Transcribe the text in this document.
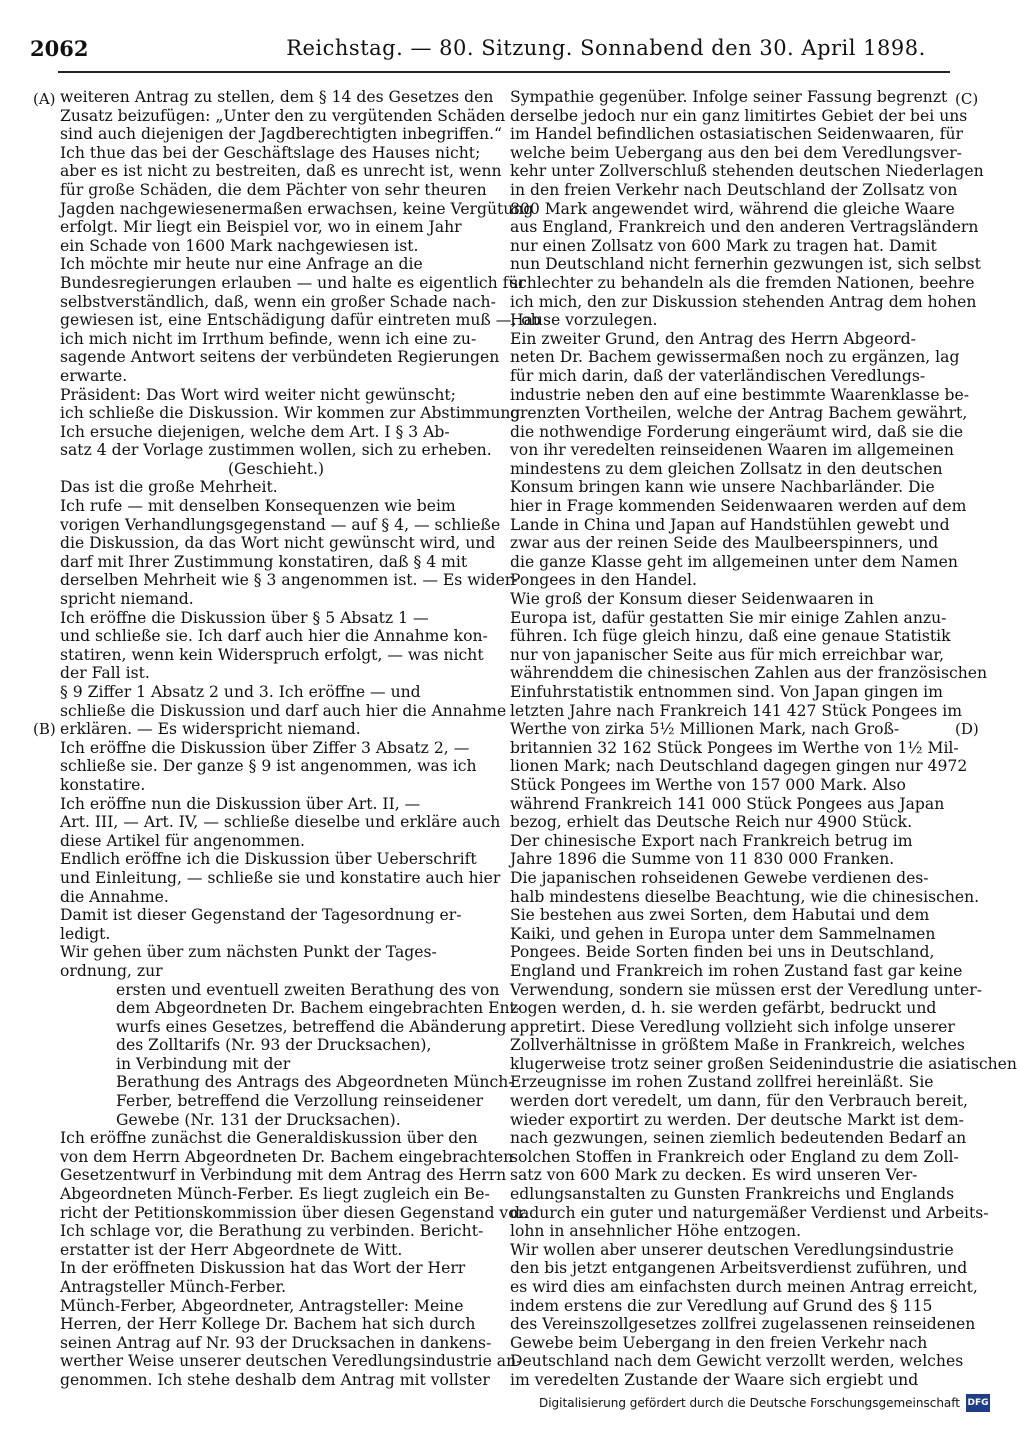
2062	Reichstag. — 80. Sitzung. Sonnabend den 30. April 1898.
(A)	(C)
(B)	(D)
weiteren Antrag zu stellen, dem § 14 des Gesetzes den
Zusatz beizufügen: „Unter den zu vergütenden Schäden
sind auch diejenigen der Jagdberechtigten inbegriffen.“
Ich thue das bei der Geschäftslage des Hauses nicht;
aber es ist nicht zu bestreiten, daß es unrecht ist, wenn
für große Schäden, die dem Pächter von sehr theuren
Jagden nachgewiesenermaßen erwachsen, keine Vergütung
erfolgt. Mir liegt ein Beispiel vor, wo in einem Jahr
ein Schade von 1600 Mark nachgewiesen ist.
Ich möchte mir heute nur eine Anfrage an die
Bundesregierungen erlauben — und halte es eigentlich für
selbstverständlich, daß, wenn ein großer Schade nach-
gewiesen ist, eine Entschädigung dafür eintreten muß —, ob
ich mich nicht im Irrthum befinde, wenn ich eine zu-
sagende Antwort seitens der verbündeten Regierungen
erwarte.
Präsident: Das Wort wird weiter nicht gewünscht;
ich schließe die Diskussion. Wir kommen zur Abstimmung.
Ich ersuche diejenigen, welche dem Art. I § 3 Ab-
satz 4 der Vorlage zustimmen wollen, sich zu erheben.
(Geschieht.)
Das ist die große Mehrheit.
Ich rufe — mit denselben Konsequenzen wie beim
vorigen Verhandlungsgegenstand — auf § 4, — schließe
die Diskussion, da das Wort nicht gewünscht wird, und
darf mit Ihrer Zustimmung konstatiren, daß § 4 mit
derselben Mehrheit wie § 3 angenommen ist. — Es wider-
spricht niemand.
Ich eröffne die Diskussion über § 5 Absatz 1 —
und schließe sie. Ich darf auch hier die Annahme kon-
statiren, wenn kein Widerspruch erfolgt, — was nicht
der Fall ist.
§ 9 Ziffer 1 Absatz 2 und 3. Ich eröffne — und
schließe die Diskussion und darf auch hier die Annahme
erklären. — Es widerspricht niemand.
Ich eröffne die Diskussion über Ziffer 3 Absatz 2, —
schließe sie. Der ganze § 9 ist angenommen, was ich
konstatire.
Ich eröffne nun die Diskussion über Art. II, —
Art. III, — Art. IV, — schließe dieselbe und erkläre auch
diese Artikel für angenommen.
Endlich eröffne ich die Diskussion über Ueberschrift
und Einleitung, — schließe sie und konstatire auch hier
die Annahme.
Damit ist dieser Gegenstand der Tagesordnung er-
ledigt.
Wir gehen über zum nächsten Punkt der Tages-
ordnung, zur
ersten und eventuell zweiten Berathung des von
dem Abgeordneten Dr. Bachem eingebrachten Ent-
wurfs eines Gesetzes, betreffend die Abänderung
des Zolltarifs (Nr. 93 der Drucksachen),
in Verbindung mit der
Berathung des Antrags des Abgeordneten Münch-
Ferber, betreffend die Verzollung reinseidener
Gewebe (Nr. 131 der Drucksachen).
Ich eröffne zunächst die Generaldiskussion über den
von dem Herrn Abgeordneten Dr. Bachem eingebrachten
Gesetzentwurf in Verbindung mit dem Antrag des Herrn
Abgeordneten Münch-Ferber. Es liegt zugleich ein Be-
richt der Petitionskommission über diesen Gegenstand vor.
Ich schlage vor, die Berathung zu verbinden. Bericht-
erstatter ist der Herr Abgeordnete de Witt.
In der eröffneten Diskussion hat das Wort der Herr
Antragsteller Münch-Ferber.
Münch-Ferber, Abgeordneter, Antragsteller: Meine
Herren, der Herr Kollege Dr. Bachem hat sich durch
seinen Antrag auf Nr. 93 der Drucksachen in dankens-
werther Weise unserer deutschen Veredlungsindustrie an-
genommen. Ich stehe deshalb dem Antrag mit vollster
Sympathie gegenüber. Infolge seiner Fassung begrenzt
derselbe jedoch nur ein ganz limitirtes Gebiet der bei uns
im Handel befindlichen ostasiatischen Seidenwaaren, für
welche beim Uebergang aus den bei dem Veredlungsver-
kehr unter Zollverschluß stehenden deutschen Niederlagen
in den freien Verkehr nach Deutschland der Zollsatz von
800 Mark angewendet wird, während die gleiche Waare
aus England, Frankreich und den anderen Vertragsländern
nur einen Zollsatz von 600 Mark zu tragen hat. Damit
nun Deutschland nicht fernerhin gezwungen ist, sich selbst
schlechter zu behandeln als die fremden Nationen, beehre
ich mich, den zur Diskussion stehenden Antrag dem hohen
Hause vorzulegen.
Ein zweiter Grund, den Antrag des Herrn Abgeord-
neten Dr. Bachem gewissermaßen noch zu ergänzen, lag
für mich darin, daß der vaterländischen Veredlungs-
industrie neben den auf eine bestimmte Waarenklasse be-
grenzten Vortheilen, welche der Antrag Bachem gewährt,
die nothwendige Forderung eingeräumt wird, daß sie die
von ihr veredelten reinseidenen Waaren im allgemeinen
mindestens zu dem gleichen Zollsatz in den deutschen
Konsum bringen kann wie unsere Nachbarländer. Die
hier in Frage kommenden Seidenwaaren werden auf dem
Lande in China und Japan auf Handstühlen gewebt und
zwar aus der reinen Seide des Maulbeerspinners, und
die ganze Klasse geht im allgemeinen unter dem Namen
Pongees in den Handel.
Wie groß der Konsum dieser Seidenwaaren in
Europa ist, dafür gestatten Sie mir einige Zahlen anzu-
führen. Ich füge gleich hinzu, daß eine genaue Statistik
nur von japanischer Seite aus für mich erreichbar war,
währenddem die chinesischen Zahlen aus der französischen
Einfuhrstatistik entnommen sind. Von Japan gingen im
letzten Jahre nach Frankreich 141 427 Stück Pongees im
Werthe von zirka 5½ Millionen Mark, nach Groß-
britannien 32 162 Stück Pongees im Werthe von 1½ Mil-
lionen Mark; nach Deutschland dagegen gingen nur 4972
Stück Pongees im Werthe von 157 000 Mark. Also
während Frankreich 141 000 Stück Pongees aus Japan
bezog, erhielt das Deutsche Reich nur 4900 Stück.
Der chinesische Export nach Frankreich betrug im
Jahre 1896 die Summe von 11 830 000 Franken.
Die japanischen rohseidenen Gewebe verdienen des-
halb mindestens dieselbe Beachtung, wie die chinesischen.
Sie bestehen aus zwei Sorten, dem Habutai und dem
Kaiki, und gehen in Europa unter dem Sammelnamen
Pongees. Beide Sorten finden bei uns in Deutschland,
England und Frankreich im rohen Zustand fast gar keine
Verwendung, sondern sie müssen erst der Veredlung unter-
zogen werden, d. h. sie werden gefärbt, bedruckt und
appretirt. Diese Veredlung vollzieht sich infolge unserer
Zollverhältnisse in größtem Maße in Frankreich, welches
klugerweise trotz seiner großen Seidenindustrie die asiatischen
Erzeugnisse im rohen Zustand zollfrei hereinläßt. Sie
werden dort veredelt, um dann, für den Verbrauch bereit,
wieder exportirt zu werden. Der deutsche Markt ist dem-
nach gezwungen, seinen ziemlich bedeutenden Bedarf an
solchen Stoffen in Frankreich oder England zu dem Zoll-
satz von 600 Mark zu decken. Es wird unseren Ver-
edlungsanstalten zu Gunsten Frankreichs und Englands
dadurch ein guter und naturgemäßer Verdienst und Arbeits-
lohn in ansehnlicher Höhe entzogen.
Wir wollen aber unserer deutschen Veredlungsindustrie
den bis jetzt entgangenen Arbeitsverdienst zuführen, und
es wird dies am einfachsten durch meinen Antrag erreicht,
indem erstens die zur Veredlung auf Grund des § 115
des Vereinszollgesetzes zollfrei zugelassenen reinseidenen
Gewebe beim Uebergang in den freien Verkehr nach
Deutschland nach dem Gewicht verzollt werden, welches
im veredelten Zustande der Waare sich ergiebt und
Digitalisierung gefördert durch die Deutsche Forschungsgemeinschaft DFG
